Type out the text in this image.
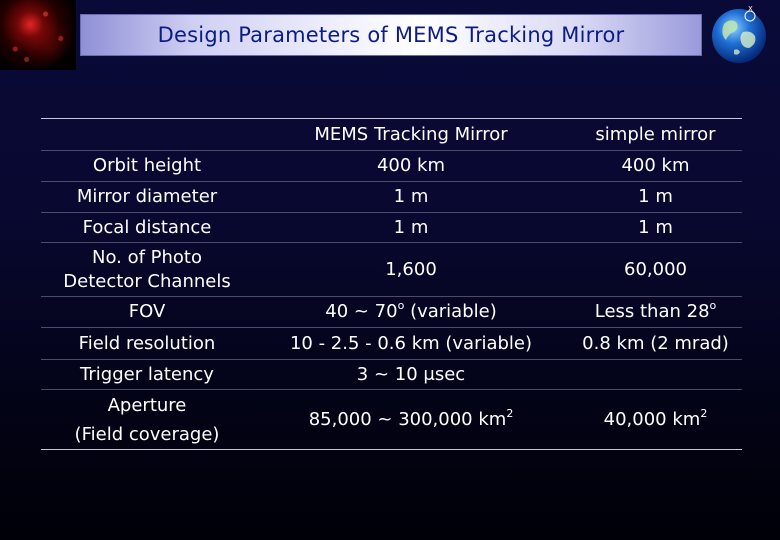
Design Parameters of MEMS Tracking Mirror
X
	MEMS Tracking Mirror	simple mirror
Orbit height	400 km	400 km
Mirror diameter	1 m	1 m
Focal distance	1 m	1 m
No. of Photo
Detector Channels	1,600	60,000
FOV	40 ~ 70$^o$ (variable)	Less than 28$^o$
Field resolution	10 - 2.5 - 0.6 km (variable)	0.8 km (2 mrad)
Trigger latency	3 ~ 10 μsec	
Aperture
(Field coverage)	85,000 ~ 300,000 $km^2$	40,000 $km^2$
